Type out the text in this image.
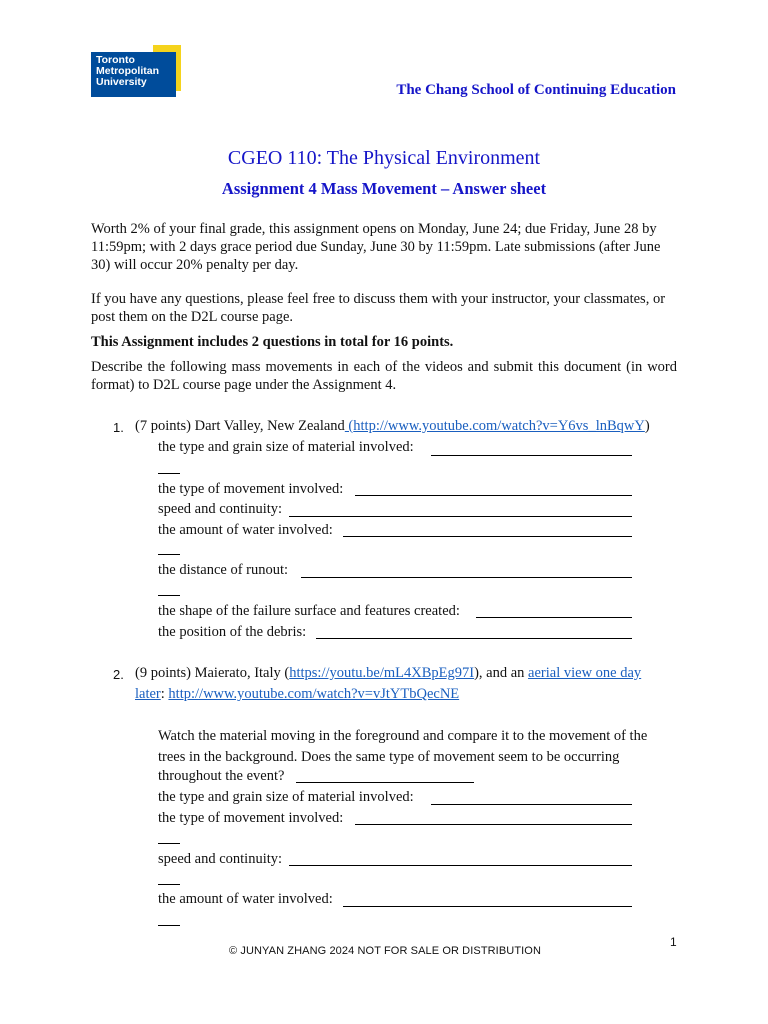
Toronto
Metropolitan
University	The Chang School of Continuing Education
CGEO 110: The Physical Environment
Assignment 4 Mass Movement – Answer sheet
Worth 2% of your final grade, this assignment opens on Monday, June 24; due Friday, June 28 by 11:59pm; with 2 days grace period due Sunday, June 30 by 11:59pm. Late submissions (after June 30) will occur 20% penalty per day.
If you have any questions, please feel free to discuss them with your instructor, your classmates, or post them on the D2L course page.
This Assignment includes 2 questions in total for 16 points.
Describe the following mass movements in each of the videos and submit this document (in word format) to D2L course page under the Assignment 4.
1. (7 points) Dart Valley, New Zealand (http://www.youtube.com/watch?v=Y6vs_lnBqwY)
the type and grain size of material involved:
the type of movement involved:
speed and continuity:
the amount of water involved:
the distance of runout:
the shape of the failure surface and features created:
the position of the debris:
2. (9 points) Maierato, Italy (https://youtu.be/mL4XBpEg97I), and an aerial view one day
later: http://www.youtube.com/watch?v=vJtYTbQecNE
Watch the material moving in the foreground and compare it to the movement of the
trees in the background. Does the same type of movement seem to be occurring
throughout the event?
the type and grain size of material involved:
the type of movement involved:
speed and continuity:
the amount of water involved:
1
© JUNYAN ZHANG 2024 NOT FOR SALE OR DISTRIBUTION
